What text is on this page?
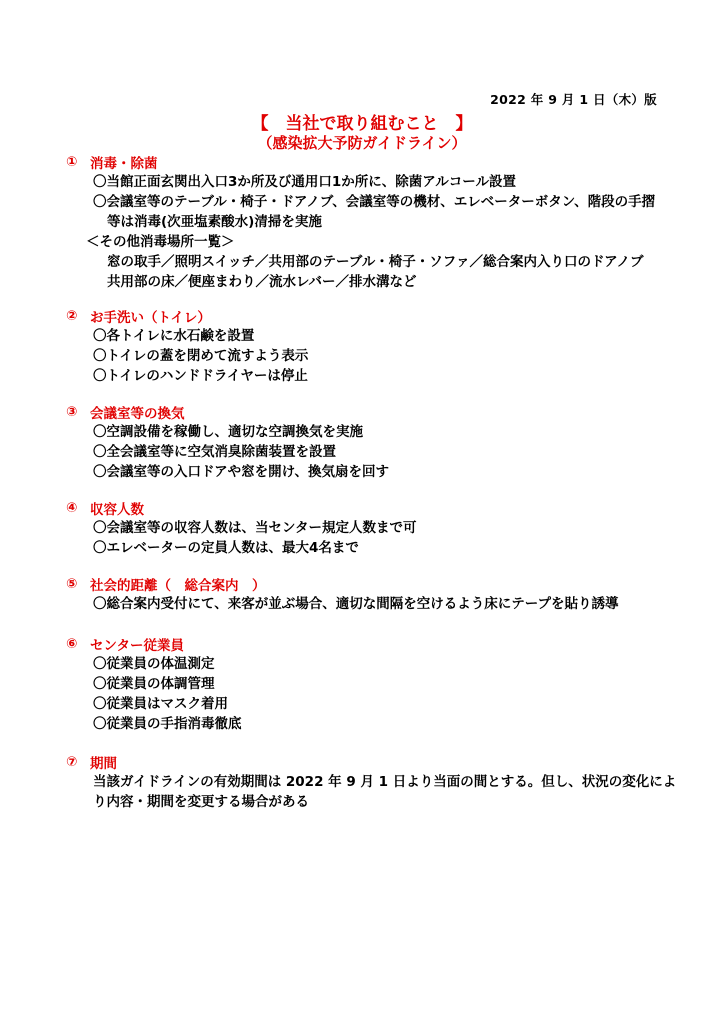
2022 年 9 月 1 日（木）版
【　当社で取り組むこと　】
（感染拡大予防ガイドライン）
① 消毒・除菌
〇当館正面玄関出入口3か所及び通用口1か所に、除菌アルコール設置
〇会議室等のテーブル・椅子・ドアノブ、会議室等の機材、エレベーターボタン、階段の手摺
等は消毒(次亜塩素酸水)清掃を実施
＜その他消毒場所一覧＞
窓の取手／照明スイッチ／共用部のテーブル・椅子・ソファ／総合案内入り口のドアノブ
共用部の床／便座まわり／流水レバー／排水溝など
② お手洗い（トイレ）
〇各トイレに水石鹸を設置
〇トイレの蓋を閉めて流すよう表示
〇トイレのハンドドライヤーは停止
③ 会議室等の換気
〇空調設備を稼働し、適切な空調換気を実施
〇全会議室等に空気消臭除菌装置を設置
〇会議室等の入口ドアや窓を開け、換気扇を回す
④ 収容人数
〇会議室等の収容人数は、当センター規定人数まで可
〇エレベーターの定員人数は、最大4名まで
⑤ 社会的距離（　総合案内　）
〇総合案内受付にて、来客が並ぶ場合、適切な間隔を空けるよう床にテープを貼り誘導
⑥ センター従業員
〇従業員の体温測定
〇従業員の体調管理
〇従業員はマスク着用
〇従業員の手指消毒徹底
⑦ 期間
当該ガイドラインの有効期間は 2022 年 9 月 1 日より当面の間とする。但し、状況の変化によ
り内容・期間を変更する場合がある
